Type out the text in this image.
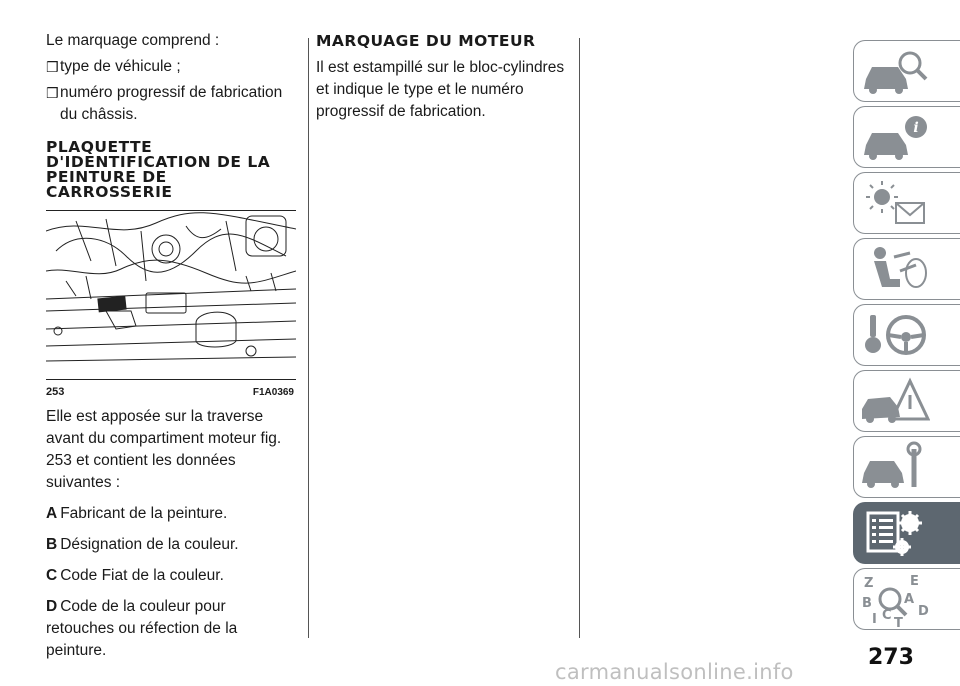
Le marquage comprend :

❒ type de véhicule ;

❒ numéro progressif de fabrication du châssis.

PLAQUETTE D'IDENTIFICATION DE LA PEINTURE DE CARROSSERIE
253	F1A0369

Elle est apposée sur la traverse avant du compartiment moteur fig. 253 et contient les données suivantes :

A Fabricant de la peinture.

B Désignation de la couleur.

C Code Fiat de la couleur.

D Code de la couleur pour retouches ou réfection de la peinture.

MARQUAGE DU MOTEUR

Il est estampillé sur le bloc-cylindres et indique le type et le numéro progressif de fabrication.

i
Z	E
A
B
D
I C
T
273
carmanualsonline.info
